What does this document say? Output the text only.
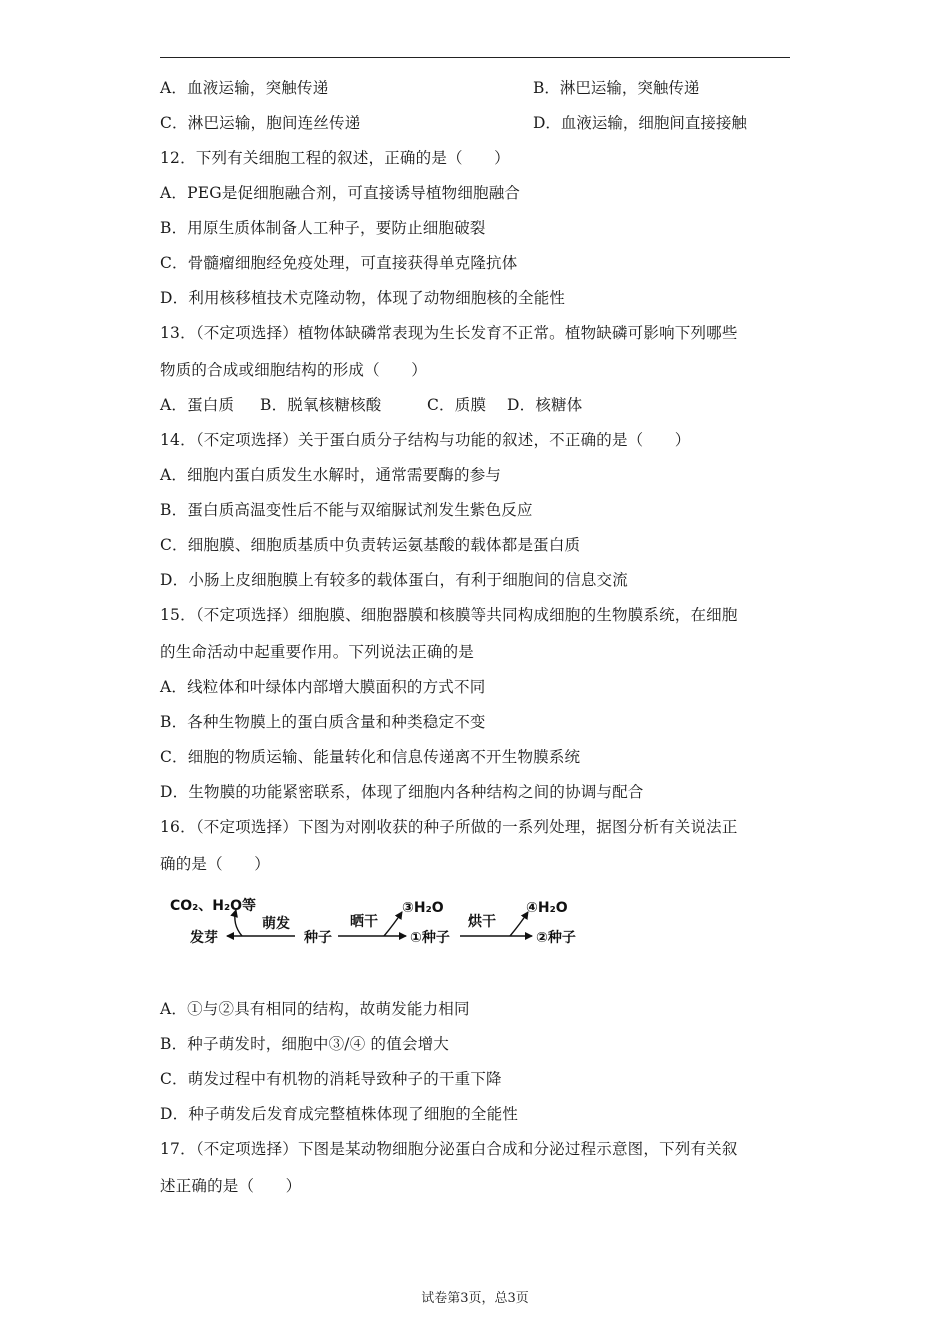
A．血液运输，突触传递	B．淋巴运输，突触传递
C．淋巴运输，胞间连丝传递	D．血液运输，细胞间直接接触
12．下列有关细胞工程的叙述，正确的是（　　）
A．PEG是促细胞融合剂，可直接诱导植物细胞融合
B．用原生质体制备人工种子，要防止细胞破裂
C．骨髓瘤细胞经免疫处理，可直接获得单克隆抗体
D．利用核移植技术克隆动物，体现了动物细胞核的全能性
13．（不定项选择）植物体缺磷常表现为生长发育不正常。植物缺磷可影响下列哪些
物质的合成或细胞结构的形成（　　）
A．蛋白质 B．脱氧核糖核酸	C．质膜 D．核糖体
14．（不定项选择）关于蛋白质分子结构与功能的叙述，不正确的是（　　）
A．细胞内蛋白质发生水解时，通常需要酶的参与
B．蛋白质高温变性后不能与双缩脲试剂发生紫色反应
C．细胞膜、细胞质基质中负责转运氨基酸的载体都是蛋白质
D．小肠上皮细胞膜上有较多的载体蛋白，有利于细胞间的信息交流
15．（不定项选择）细胞膜、细胞器膜和核膜等共同构成细胞的生物膜系统，在细胞
的生命活动中起重要作用。下列说法正确的是
A．线粒体和叶绿体内部增大膜面积的方式不同
B．各种生物膜上的蛋白质含量和种类稳定不变
C．细胞的物质运输、能量转化和信息传递离不开生物膜系统
D．生物膜的功能紧密联系，体现了细胞内各种结构之间的协调与配合
16．（不定项选择）下图为对刚收获的种子所做的一系列处理，据图分析有关说法正
确的是（　　）
CO₂、H₂O等
发芽
萌发
种子
晒干
③H₂O
①种子
烘干
④H₂O
②种子
A．①与②具有相同的结构，故萌发能力相同
B．种子萌发时，细胞中③/④ 的值会增大
C．萌发过程中有机物的消耗导致种子的干重下降
D．种子萌发后发育成完整植株体现了细胞的全能性
17．（不定项选择）下图是某动物细胞分泌蛋白合成和分泌过程示意图，下列有关叙
述正确的是（　　）
试卷第3页，总3页
